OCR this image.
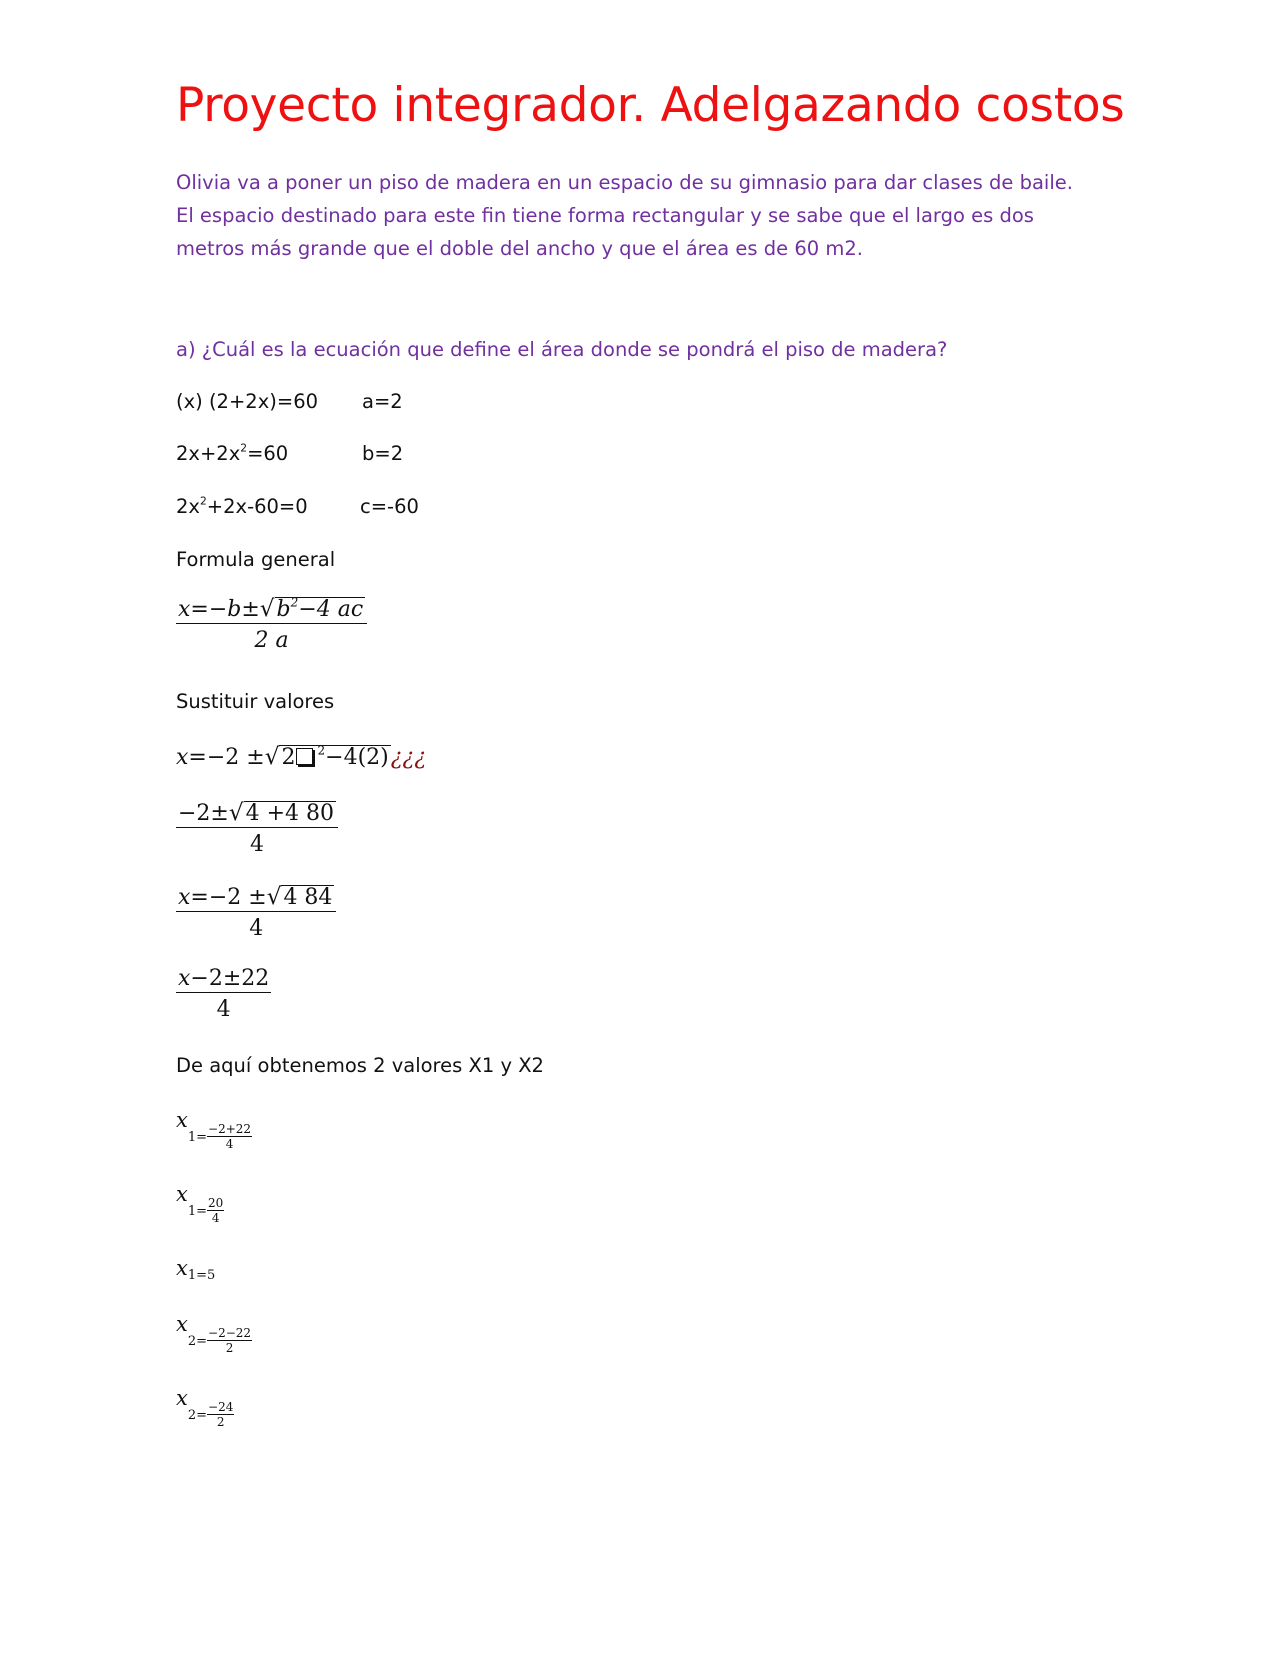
Proyecto integrador. Adelgazando costos
Olivia va a poner un piso de madera en un espacio de su gimnasio para dar clases de baile. El espacio destinado para este fin tiene forma rectangular y se sabe que el largo es dos metros más grande que el doble del ancho y que el área es de 60 m2.
a) ¿Cuál es la ecuación que define el área donde se pondrá el piso de madera?
(x) (2+2x)=60 a=2
$2x+2x^2=60$	b=2
$2x^2+2x-60=0$	c=-60
Formula general
$\frac{x=-b\pm√b^2-4 ac}{2 a}$
Sustituir valores
x=−2 ±√2 $^2$−4(2)¿¿¿
$\frac{-2\pm√4 +4 80}{4}$
$\frac{x=-2 \pm√4 84}{4}$
$\frac{x-2\pm 22}{4}$
De aquí obtenemos 2 valores X1 y X2
$x1= \frac{-2+22}{4}$
$x1= \frac{20}{4}$
$x_{1=5}$
$x2= \frac{-2-22}{2}$
$x2= \frac{-24}{2}$
